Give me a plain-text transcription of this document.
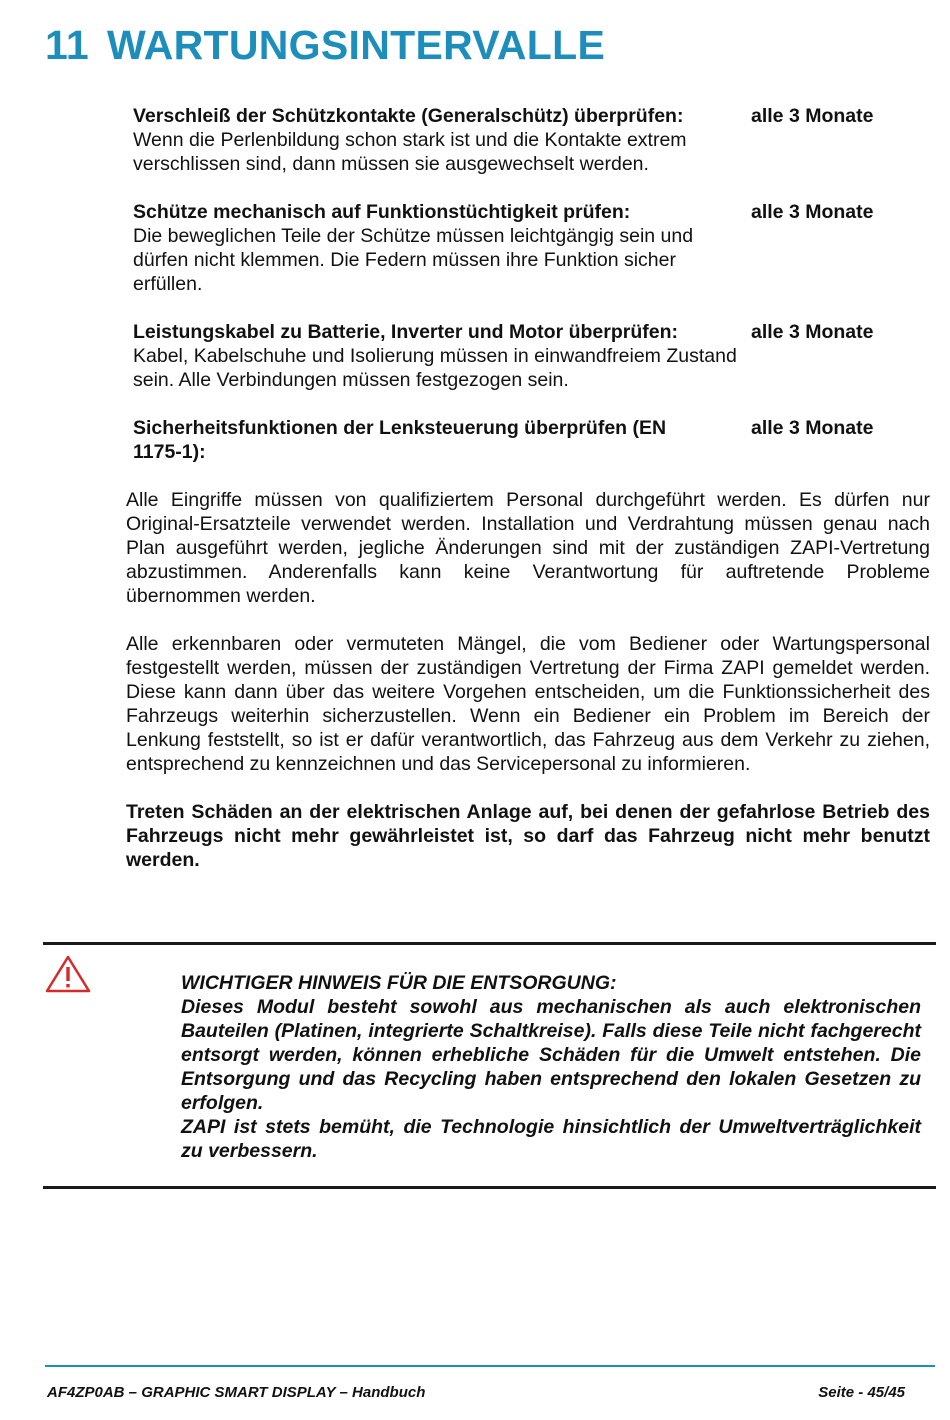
11 WARTUNGSINTERVALLE
Verschleiß der Schützkontakte (Generalschütz) überprüfen:
Wenn die Perlenbildung schon stark ist und die Kontakte extrem verschlissen sind, dann müssen sie ausgewechselt werden.
alle 3 Monate
Schütze mechanisch auf Funktionstüchtigkeit prüfen:
Die beweglichen Teile der Schütze müssen leichtgängig sein und dürfen nicht klemmen. Die Federn müssen ihre Funktion sicher erfüllen.
alle 3 Monate
Leistungskabel zu Batterie, Inverter und Motor überprüfen:
Kabel, Kabelschuhe und Isolierung müssen in einwandfreiem Zustand sein. Alle Verbindungen müssen festgezogen sein.
alle 3 Monate
Sicherheitsfunktionen der Lenksteuerung überprüfen (EN 1175-1):
alle 3 Monate

Alle Eingriffe müssen von qualifiziertem Personal durchgeführt werden. Es dürfen nur Original-Ersatzteile verwendet werden. Installation und Verdrahtung müssen genau nach Plan ausgeführt werden, jegliche Änderungen sind mit der zuständigen ZAPI-Vertretung abzustimmen. Anderenfalls kann keine Verantwortung für auftretende Probleme übernommen werden.

Alle erkennbaren oder vermuteten Mängel, die vom Bediener oder Wartungspersonal festgestellt werden, müssen der zuständigen Vertretung der Firma ZAPI gemeldet werden. Diese kann dann über das weitere Vorgehen entscheiden, um die Funktionssicherheit des Fahrzeugs weiterhin sicherzustellen. Wenn ein Bediener ein Problem im Bereich der Lenkung feststellt, so ist er dafür verantwortlich, das Fahrzeug aus dem Verkehr zu ziehen, entsprechend zu kennzeichnen und das Servicepersonal zu informieren.

Treten Schäden an der elektrischen Anlage auf, bei denen der gefahrlose Betrieb des Fahrzeugs nicht mehr gewährleistet ist, so darf das Fahrzeug nicht mehr benutzt werden.

WICHTIGER HINWEIS FÜR DIE ENTSORGUNG:
Dieses Modul besteht sowohl aus mechanischen als auch elektronischen Bauteilen (Platinen, integrierte Schaltkreise). Falls diese Teile nicht fachgerecht entsorgt werden, können erhebliche Schäden für die Umwelt entstehen. Die Entsorgung und das Recycling haben entsprechend den lokalen Gesetzen zu erfolgen.
ZAPI ist stets bemüht, die Technologie hinsichtlich der Umweltverträglichkeit zu verbessern.
AF4ZP0AB – GRAPHIC SMART DISPLAY – Handbuch	Seite - 45/45
